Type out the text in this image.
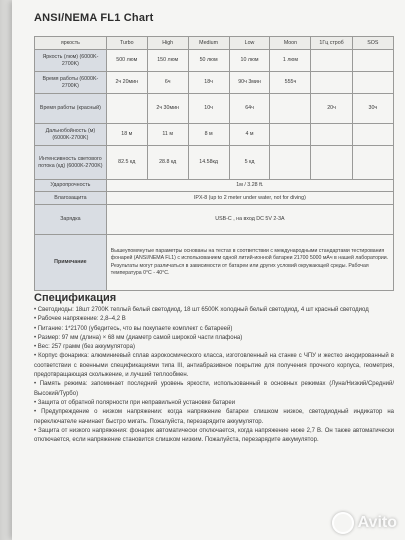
ANSI/NEMA FL1 Chart
яркость	Turbo	High	Medium	Low	Moon	1Гц строб	SOS
Яркость (люм) (6000K-2700K)	500 люм	150 люм	50 люм	10 люм	1 люм		
Время работы (6000K-2700K)	2ч 20мин	6ч	18ч	90ч 3мин	555ч		
Время работы (красный)		2ч 30мин	10ч	64ч		20ч	30ч
Дальнобойность (м) (6000K-2700K)	18 м	11 м	8 м	4 м			
Интенсивность светового потока (кд) (6000K-2700K)	82.5 кд	28.8 кд	14.58кд	5 кд			
Ударопрочность	1м / 3.28 ft.						
Влагозащита	IPX-8 (up to 2 meter under water, not for diving)						
Зарядка	USB-C , на вход DC 5V 2-3A						
Примечание	Вышеупомянутые параметры основаны на тестах в соответствии с международными стандартами тестирования фонарей (ANSI/NEMA FL1) с использованием одной литий-ионной батареи 21700 5000 мАч в нашей лаборатории. Результаты могут различаться в зависимости от батареи или других условий окружающей среды. Рабочая температура 0°C - 40°C.						
Спецификация
• Светодиоды: 18шт 2700K теплый белый светодиод, 18 шт 6500K холодный белый светодиод, 4 шт красный светодиод
• Рабочее напряжение: 2,8–4,2 В
• Питание: 1*21700 (убедитесь, что вы покупаете комплект с батареей)
• Размер: 97 мм (длина) × 68 мм (диаметр самой широкой части плафона)
• Вес: 257 грамм (без аккумулятора)
• Корпус фонарика: алюминиевый сплав аэрокосмического класса, изготовленный на станке с ЧПУ и жестко анодированный в соответствии с военными спецификациями типа III, антиабразивное покрытие для получения прочного корпуса, геометрия, предотвращающая скольжение, и лучший теплообмен.
• Память режима: запоминает последний уровень яркости, использованный в основных режимах (Луна/Низкий/Средний/Высокий/Турбо)
• Защита от обратной полярности при неправильной установке батареи
• Предупреждение о низком напряжении: когда напряжение батареи слишком низкое, светодиодный индикатор на переключателе начинает быстро мигать. Пожалуйста, перезарядите аккумулятор.
• Защита от низкого напряжения: фонарик автоматически отключается, когда напряжение ниже 2,7 В. Он также автоматически отключается, если напряжение становится слишком низким. Пожалуйста, перезарядите аккумулятор.
Avito
